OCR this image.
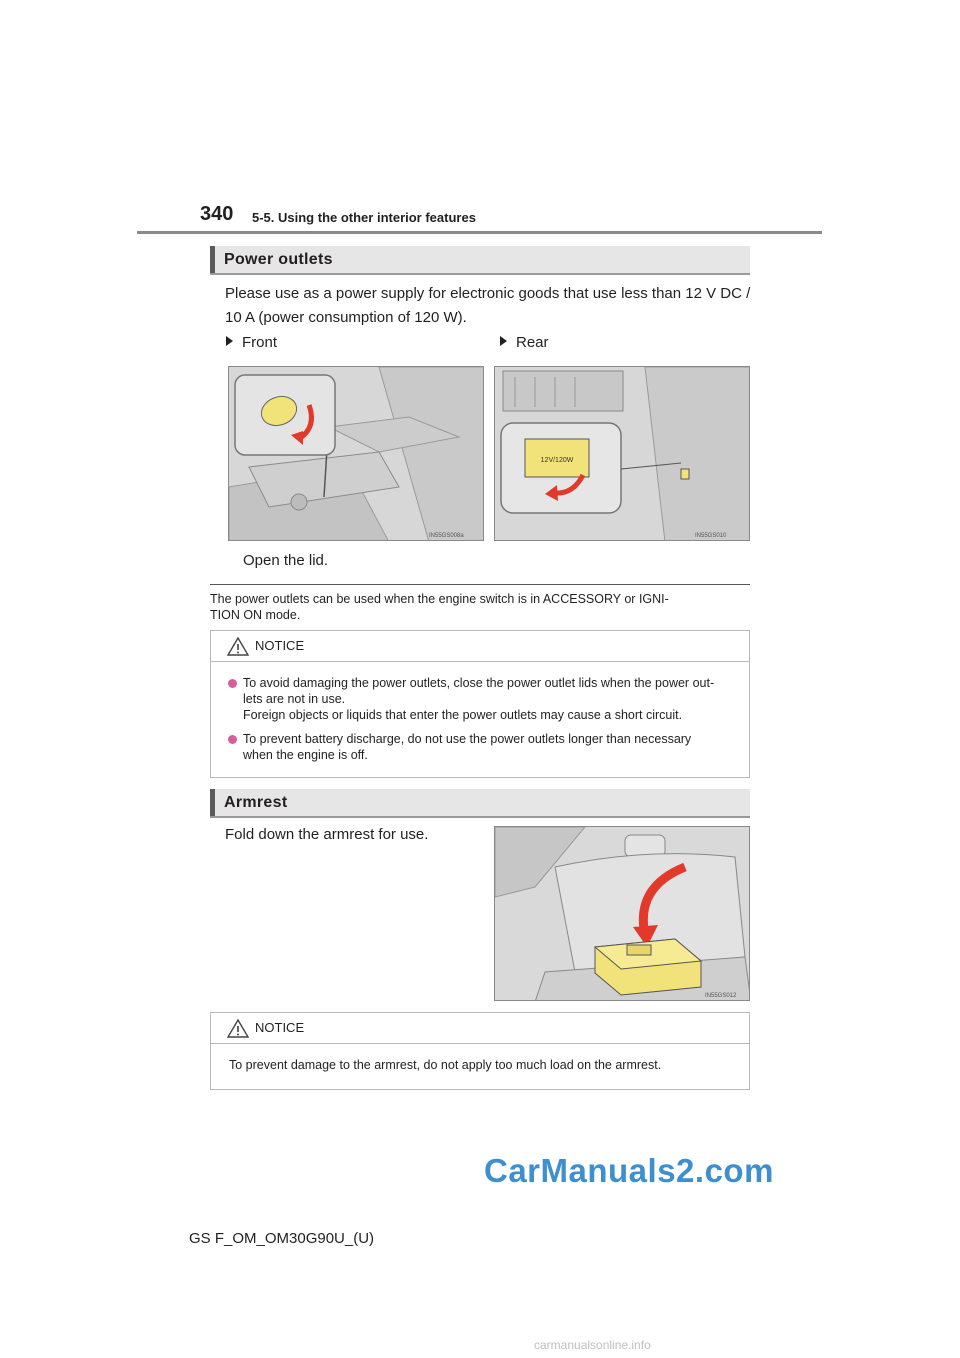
340 5-5. Using the other interior features
Power outlets
Please use as a power supply for electronic goods that use less than 12 V DC /
10 A (power consumption of 120 W).
Front	Rear
IN55GS008a
12V/120W
IN55GS010
Open the lid.
The power outlets can be used when the engine switch is in ACCESSORY or IGNI-
TION ON mode.
NOTICE
To avoid damaging the power outlets, close the power outlet lids when the power out-
lets are not in use.
Foreign objects or liquids that enter the power outlets may cause a short circuit.
To prevent battery discharge, do not use the power outlets longer than necessary
when the engine is off.
Armrest
Fold down the armrest for use.
IN55GS012
NOTICE
To prevent damage to the armrest, do not apply too much load on the armrest.
CarManuals2.com
GS F_OM_OM30G90U_(U)
carmanualsonline.info
